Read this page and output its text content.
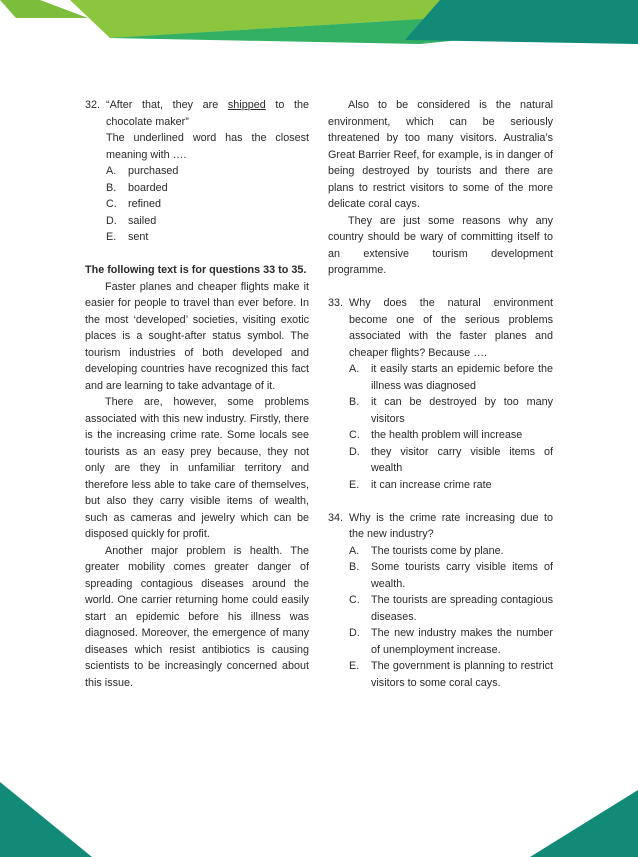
32. “After that, they are shipped to the chocolate maker”

The underlined word has the closest meaning with ….

A.	purchased
B.	boarded
C.	refined
D.	sailed
E.	sent

The following text is for questions 33 to 35.

Faster planes and cheaper flights make it easier for people to travel than ever before. In the most ‘developed’ societies, visiting exotic places is a sought-after status symbol. The tourism industries of both developed and developing countries have recognized this fact and are learning to take advantage of it.

There are, however, some problems associated with this new industry. Firstly, there is the increasing crime rate. Some locals see tourists as an easy prey because, they not only are they in unfamiliar territory and therefore less able to take care of themselves, but also they carry visible items of wealth, such as cameras and jewelry which can be disposed quickly for profit.

Another major problem is health. The greater mobility comes greater danger of spreading contagious diseases around the world. One carrier returning home could easily start an epidemic before his illness was diagnosed. Moreover, the emergence of many diseases which resist antibiotics is causing scientists to be increasingly concerned about this issue.

Also to be considered is the natural environment, which can be seriously threatened by too many visitors. Australia’s Great Barrier Reef, for example, is in danger of being destroyed by tourists and there are plans to restrict visitors to some of the more delicate coral cays.

They are just some reasons why any country should be wary of committing itself to an extensive tourism development programme.

33. Why does the natural environment become one of the serious problems associated with the faster planes and cheaper flights? Because ….

A.	it easily starts an epidemic before the illness was diagnosed
B.	it can be destroyed by too many visitors
C.	the health problem will increase
D.	they visitor carry visible items of wealth
E.	it can increase crime rate
34. Why is the crime rate increasing due to the new industry?

A.	The tourists come by plane.
B.	Some tourists carry visible items of wealth.
C.	The tourists are spreading contagious diseases.
D.	The new industry makes the number of unemployment increase.
E.	The government is planning to restrict visitors to some coral cays.
